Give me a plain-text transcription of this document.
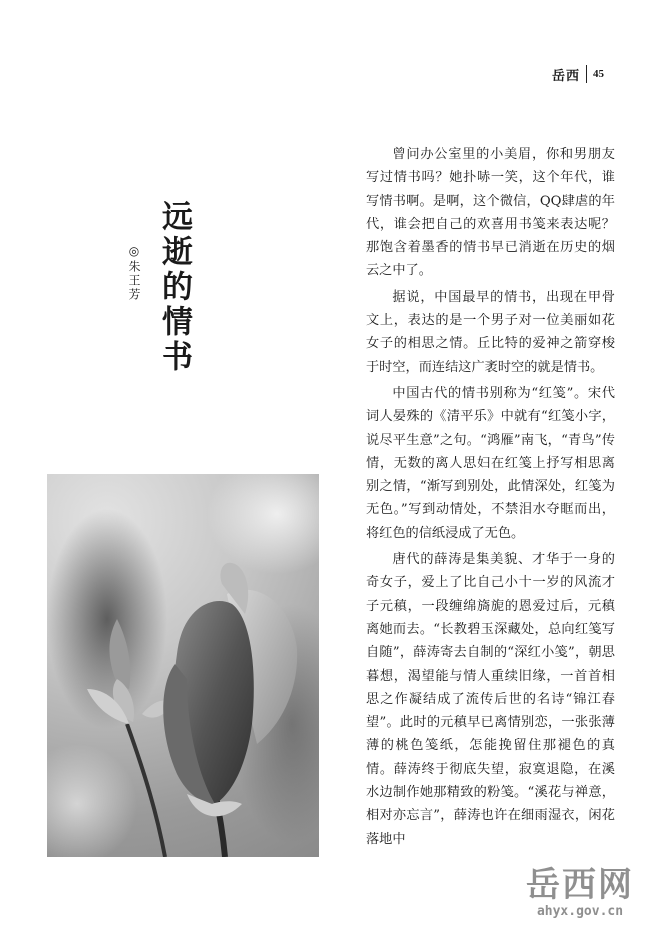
岳西 45
远逝的情书
◎朱王芳

曾问办公室里的小美眉，你和男朋友写过情书吗？她扑哧一笑，这个年代，谁写情书啊。是啊，这个微信，QQ肆虐的年代，谁会把自己的欢喜用书笺来表达呢？那饱含着墨香的情书早已消逝在历史的烟云之中了。

据说，中国最早的情书，出现在甲骨文上，表达的是一个男子对一位美丽如花女子的相思之情。丘比特的爱神之箭穿梭于时空，而连结这广袤时空的就是情书。

中国古代的情书别称为“红笺”。宋代词人晏殊的《清平乐》中就有“红笺小字，说尽平生意”之句。“鸿雁”南飞，“青鸟”传情，无数的离人思妇在红笺上抒写相思离别之情，“渐写到别处，此情深处，红笺为无色。”写到动情处，不禁泪水夺眶而出，将红色的信纸浸成了无色。

唐代的薛涛是集美貌、才华于一身的奇女子，爱上了比自己小十一岁的风流才子元稹，一段缠绵旖旎的恩爱过后，元稹离她而去。“长教碧玉深藏处，总向红笺写自随”，薛涛寄去自制的“深红小笺”，朝思暮想，渴望能与情人重续旧缘，一首首相思之作凝结成了流传后世的名诗“锦江春望”。此时的元稹早已离情别恋，一张张薄薄的桃色笺纸，怎能挽留住那褪色的真情。薛涛终于彻底失望，寂寞退隐，在溪水边制作她那精致的粉笺。“溪花与禅意，相对亦忘言”，薛涛也许在细雨湿衣，闲花落地中

岳西网
ahyx.gov.cn
